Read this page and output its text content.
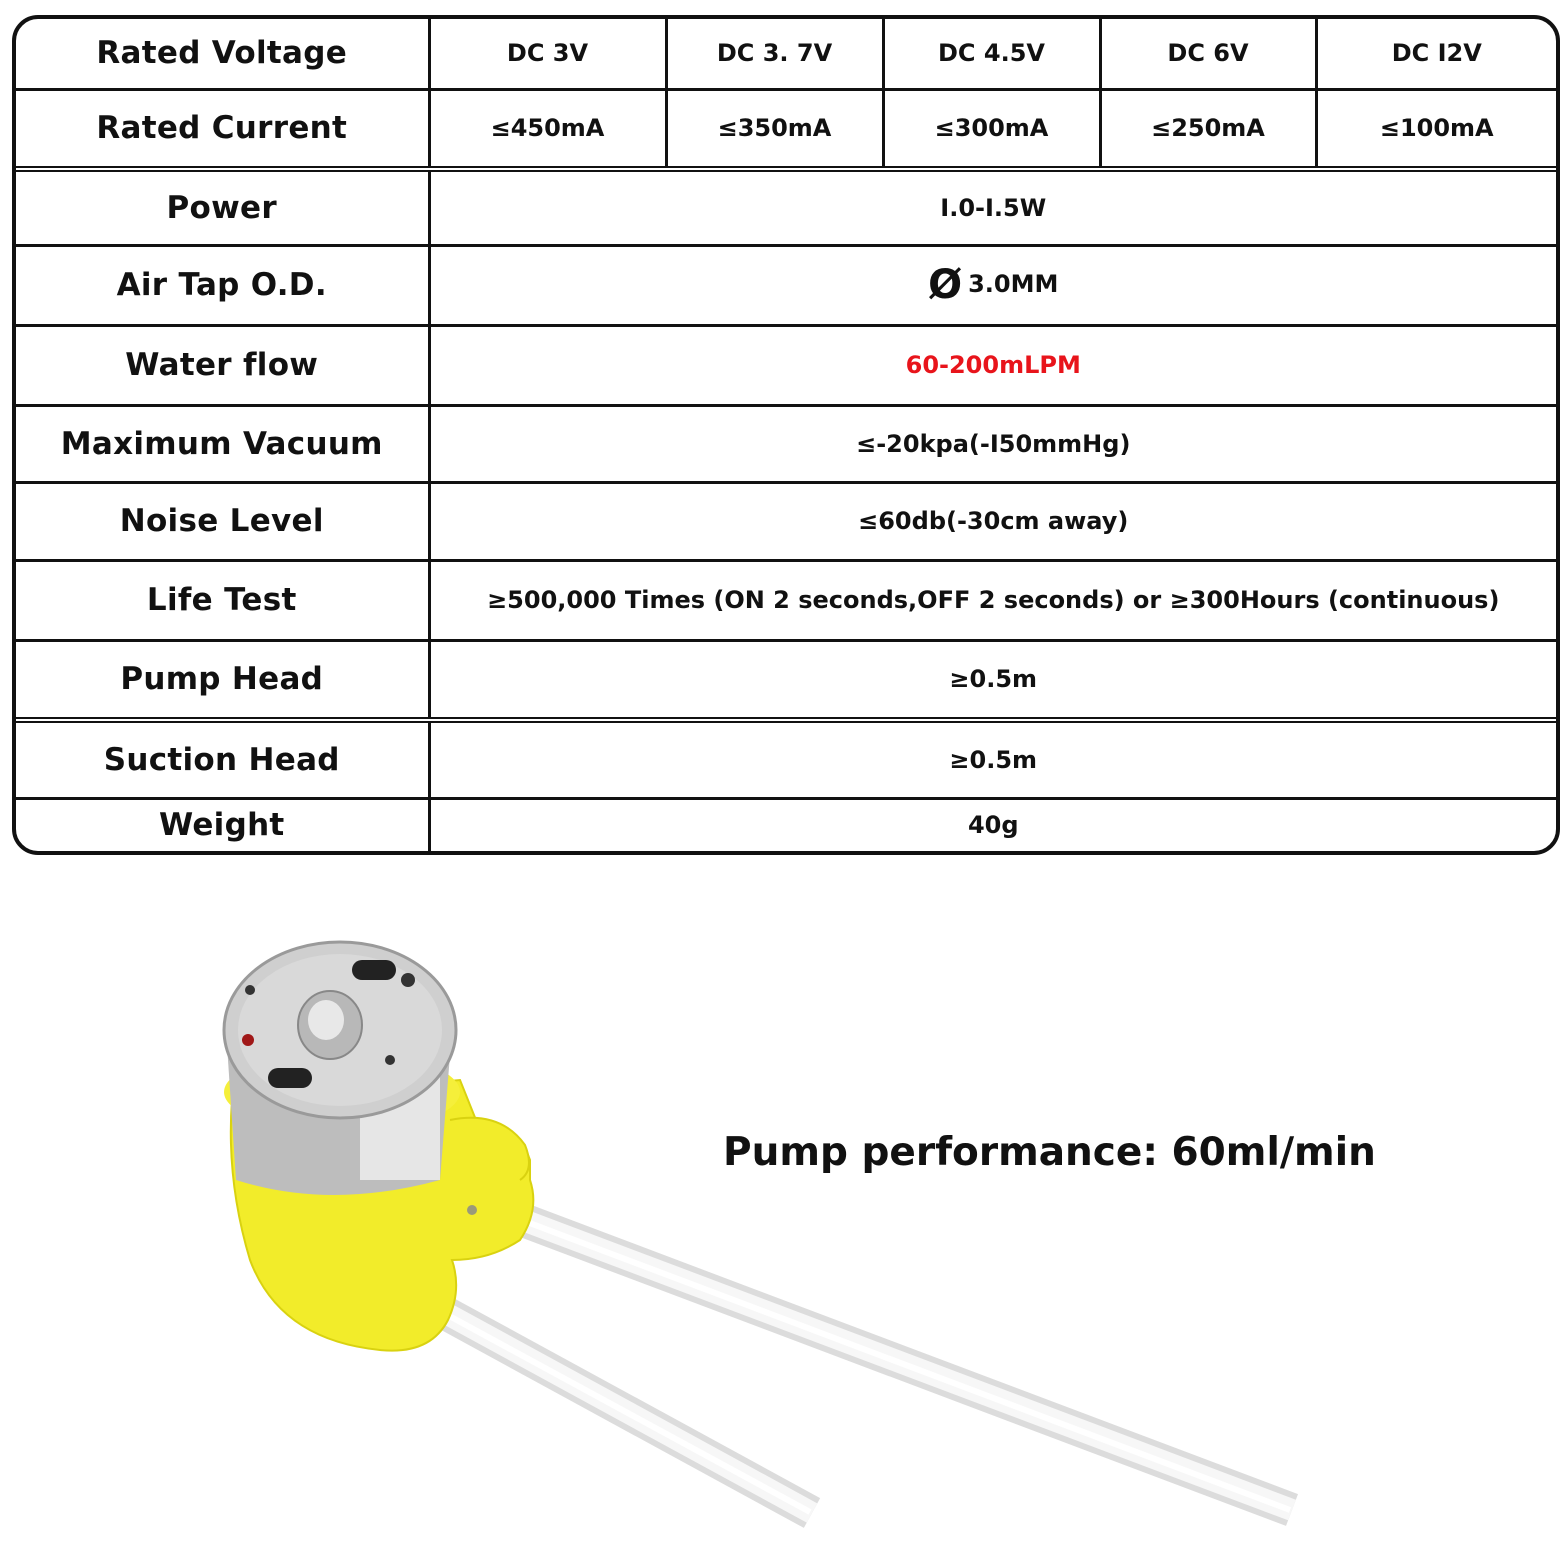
Rated Voltage	DC 3V	DC 3. 7V	DC 4.5V	DC 6V	DC I2V
Rated Current	≤450mA	≤350mA	≤300mA	≤250mA	≤100mA
Power	I.0-I.5W				
Air Tap O.D.	Ø 3.0MM				
Water flow	60-200mLPM				
Maximum Vacuum	≤-20kpa(-I50mmHg)				
Noise Level	≤60db(-30cm away)				
Life Test	≥500,000 Times (ON 2 seconds,OFF 2 seconds) or ≥300Hours (continuous)				
Pump Head	≥0.5m				
Suction Head	≥0.5m				
Weight	40g				
Pump performance: 60ml/min
